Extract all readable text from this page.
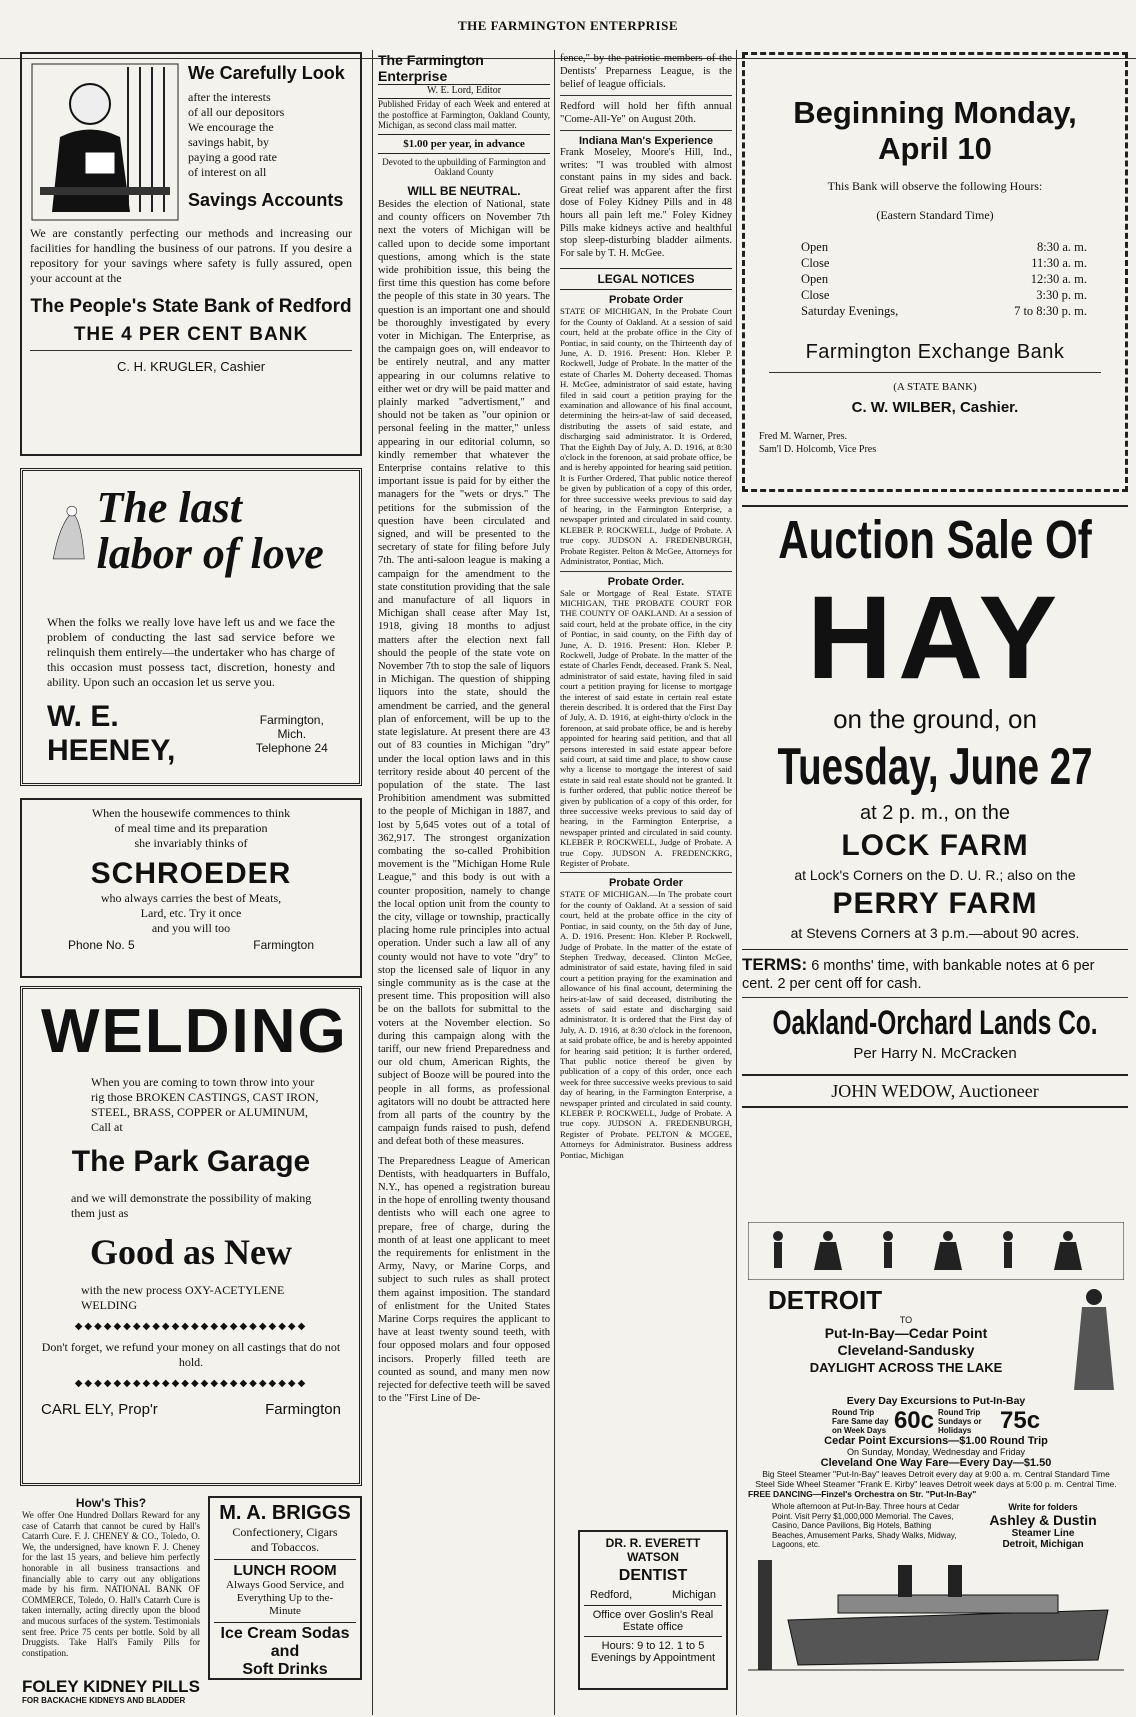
THE FARMINGTON ENTERPRISE
We Carefully Look
after the interests
of all our depositors
We encourage the
savings habit, by
paying a good rate
of interest on all
Savings Accounts

We are constantly perfecting our methods and increasing our facilities for handling the business of our patrons. If you desire a repository for your savings where safety is fully assured, open your account at the

The People's State Bank of Redford
THE 4 PER CENT BANK
C. H. KRUGLER, Cashier
The last labor of love

When the folks we really love have left us and we face the problem of conducting the last sad service before we relinquish them entirely—the undertaker who has charge of this occasion must possess tact, discretion, honesty and ability. Upon such an occasion let us serve you.

W. E. HEENEY,
Farmington, Mich.
Telephone 24
When the housewife commences to think
of meal time and its preparation
she invariably thinks of
SCHROEDER
who always carries the best of Meats,
Lard, etc. Try it once
and you will too
Phone No. 5	Farmington
WELDING

When you are coming to town throw into your rig those BROKEN CASTINGS, CAST IRON, STEEL, BRASS, COPPER or ALUMINUM, Call at

The Park Garage

and we will demonstrate the possibility of making them just as

Good as New

with the new process OXY-ACETYLENE WELDING

◆◆◆◆◆◆◆◆◆◆◆◆◆◆◆◆◆◆◆◆◆◆◆◆

Don't forget, we refund your money on all castings that do not hold.

◆◆◆◆◆◆◆◆◆◆◆◆◆◆◆◆◆◆◆◆◆◆◆◆
CARL ELY, Prop'r	Farmington
How's This?

We offer One Hundred Dollars Reward for any case of Catarrh that cannot be cured by Hall's Catarrh Cure. F. J. CHENEY & CO., Toledo, O. We, the undersigned, have known F. J. Cheney for the last 15 years, and believe him perfectly honorable in all business transactions and financially able to carry out any obligations made by his firm. NATIONAL BANK OF COMMERCE, Toledo, O. Hall's Catarrh Cure is taken internally, acting directly upon the blood and mucous surfaces of the system. Testimonials sent free. Price 75 cents per bottle. Sold by all Druggists. Take Hall's Family Pills for constipation.

M. A. BRIGGS
Confectionery, Cigars
and Tobaccos.
LUNCH ROOM
Always Good Service, and
Everything Up to the-
Minute
Ice Cream Sodas and
Soft Drinks
FOLEY KIDNEY PILLS
FOR BACKACHE KIDNEYS AND BLADDER
The Farmington Enterprise
W. E. Lord, Editor

Published Friday of each Week and entered at the postoffice at Farmington, Oakland County, Michigan, as second class mail matter.

$1.00 per year, in advance

Devoted to the upbuilding of Farmington and Oakland County

WILL BE NEUTRAL.

Besides the election of National, state and county officers on November 7th next the voters of Michigan will be called upon to decide some important questions, among which is the state wide prohibition issue, this being the first time this question has come before the people of this state in 30 years. The question is an important one and should be thoroughly investigated by every voter in Michigan. The Enterprise, as the campaign goes on, will endeavor to be entirely neutral, and any matter appearing in our columns relative to either wet or dry will be paid matter and plainly marked "advertisment," and should not be taken as "our opinion or personal feeling in the matter," unless appearing in our editorial column, so kindly remember that whatever the Enterprise contains relative to this important issue is paid for by either the managers for the "wets or drys." The petitions for the submission of the question have been circulated and signed, and will be presented to the secretary of state for filing before July 7th. The anti-saloon league is making a campaign for the amendment to the state constitution providing that the sale and manufacture of all liquors in Michigan shall cease after May 1st, 1918, giving 18 months to adjust matters after the election next fall should the people of the state vote on November 7th to stop the sale of liquors in Michigan. The question of shipping liquors into the state, should the amendment be carried, and the general plan of enforcement, will be up to the state legislature. At present there are 43 out of 83 counties in Michigan "dry" under the local option laws and in this territory reside about 40 percent of the population of the state. The last Prohibition amendment was submitted to the people of Michigan in 1887, and lost by 5,645 votes out of a total of 362,917. The strongest organization combating the so-called Prohibition movement is the "Michigan Home Rule League," and this body is out with a counter proposition, namely to change the local option unit from the county to the city, village or township, practically placing home rule principles into actual operation. Under such a law all of any county would not have to vote "dry" to stop the licensed sale of liquor in any single community as is the case at the present time. This proposition will also be on the ballots for submittal to the voters at the November election. So during this campaign along with the tariff, our new friend Preparedness and our old chum, American Rights, the subject of Booze will be poured into the people in all forms, as professional agitators will no doubt be attracted here from all parts of the country by the campaign funds raised to push, defend and defeat both of these measures.

The Preparedness League of American Dentists, with headquarters in Buffalo, N.Y., has opened a registration bureau in the hope of enrolling twenty thousand dentists who will each one agree to prepare, free of charge, during the month of at least one applicant to meet the requirements for enlistment in the Army, Navy, or Marine Corps, and subject to such rules as shall protect them against imposition. The standard of enlistment for the United States Marine Corps requires the applicant to have at least twenty sound teeth, with four opposed molars and four opposed incisors. Properly filled teeth are counted as sound, and many men now rejected for defective teeth will be saved to the "First Line of De-

fence," by the patriotic members of the Dentists' Preparness League, is the belief of league officials.

Redford will hold her fifth annual "Come-All-Ye" on August 20th.

Indiana Man's Experience

Frank Moseley, Moore's Hill, Ind., writes: "I was troubled with almost constant pains in my sides and back. Great relief was apparent after the first dose of Foley Kidney Pills and in 48 hours all pain left me." Foley Kidney Pills make kidneys active and healthful stop sleep-disturbing bladder ailments. For sale by T. H. McGee.

LEGAL NOTICES
Probate Order

STATE OF MICHIGAN, In the Probate Court for the County of Oakland. At a session of said court, held at the probate office in the City of Pontiac, in said county, on the Thirteenth day of June, A. D. 1916. Present: Hon. Kleber P. Rockwell, Judge of Probate. In the matter of the estate of Charles M. Doherty deceased. Thomas H. McGee, administrator of said estate, having filed in said court a petition praying for the examination and allowance of his final account, determining the heirs-at-law of said deceased, distributing the assets of said estate, and discharging said administrator. It is Ordered, That the Eighth Day of July, A. D. 1916, at 8:30 o'clock in the forenoon, at said probate office, be and is hereby appointed for hearing said petition. It is Further Ordered, That public notice thereof be given by publication of a copy of this order, for three successive weeks previous to said day of hearing, in the Farmington Enterprise, a newspaper printed and circulated in said county. KLEBER P. ROCKWELL, Judge of Probate. A true copy. JUDSON A. FREDENBURGH, Probate Register. Pelton & McGee, Attorneys for Administrator, Pontiac, Mich.

Probate Order.

Sale or Mortgage of Real Estate. STATE MICHIGAN, THE PROBATE COURT FOR THE COUNTY OF OAKLAND. At a session of said court, held at the probate office, in the city of Pontiac, in said county, on the Fifth day of June, A. D. 1916. Present: Hon. Kleber P. Rockwell, Judge of Probate. In the matter of the estate of Charles Fendt, deceased. Frank S. Neal, administrator of said estate, having filed in said court a petition praying for license to mortgage the interest of said estate in certain real estate therein described. It is ordered that the First Day of July, A. D. 1916, at eight-thirty o'clock in the forenoon, at said probate office, be and is hereby appointed for hearing said petition, and that all persons interested in said estate appear before said court, at said time and place, to show cause why a license to mortgage the interest of said estate in said real estate should not be granted. It is further ordered, that public notice thereof be given by publication of a copy of this order, for three successive weeks previous to said day of hearing, in the Farmington Enterprise, a newspaper printed and circulated in said county. KLEBER P. ROCKWELL, Judge of Probate. A true Copy. JUDSON A. FREDENCKRG, Register of Probate.

Probate Order

STATE OF MICHIGAN.—In The probate court for the county of Oakland. At a session of said court, held at the probate office in the city of Pontiac, in said county, on the 5th day of June, A. D. 1916. Present: Hon. Kleber P. Rockwell, Judge of Probate. In the matter of the estate of Stephen Tredway, deceased. Clinton McGee, administrator of said estate, having filed in said court a petition praying for the examination and allowance of his final account, determining the heirs-at-law of said deceased, distributing the assets of said estate and discharging said administrator. It is ordered that the First day of July, A. D. 1916, at 8:30 o'clock in the forenoon, at said probate office, be and is hereby appointed for hearing said petition; It is further ordered, That public notice thereof be given by publication of a copy of this order, once each week for three successive weeks previous to said day of hearing, in the Farmington Enterprise, a newspaper printed and circulated in said county. KLEBER P. ROCKWELL, Judge of Probate. A true copy. JUDSON A. FREDENBURGH, Register of Probate. PELTON & MCGEE, Attorneys for Administrator. Business address Pontiac, Michigan

DR. R. EVERETT WATSON
DENTIST
Redford,	Michigan
Office over Goslin's Real Estate office
Hours: 9 to 12. 1 to 5
Evenings by Appointment
Beginning Monday, April 10
This Bank will observe the following Hours:
(Eastern Standard Time)
Open	8:30 a. m.
Close	11:30 a. m.
Open	12:30 a. m.
Close	3:30 p. m.
Saturday Evenings,	7 to 8:30 p. m.
Farmington Exchange Bank
(A STATE BANK)
C. W. WILBER, Cashier.
Fred M. Warner, Pres.
Sam'l D. Holcomb, Vice Pres
Auction Sale Of
HAY
on the ground, on
Tuesday, June 27
at 2 p. m., on the
LOCK FARM
at Lock's Corners on the D. U. R.; also on the
PERRY FARM
at Stevens Corners at 3 p.m.—about 90 acres.
TERMS: 6 months' time, with bankable notes at 6 per cent. 2 per cent off for cash.
Oakland-Orchard Lands Co.
Per Harry N. McCracken
JOHN WEDOW, Auctioneer
DETROIT
TO
Put-In-Bay—Cedar Point
Cleveland-Sandusky
DAYLIGHT ACROSS THE LAKE
Every Day Excursions to Put-In-Bay
Round Trip Fare Same day on Week Days 60c Round Trip Sundays or Holidays	75c
Cedar Point Excursions—$1.00 Round Trip
On Sunday, Monday, Wednesday and Friday
Cleveland One Way Fare—Every Day—$1.50
Big Steel Steamer "Put-In-Bay" leaves Detroit every day at 9:00 a. m. Central Standard Time
Steel Side Wheel Steamer "Frank E. Kirby" leaves Detroit week days at 5:00 p. m. Central Time.
FREE DANCING—Finzel's Orchestra on Str. "Put-In-Bay"
Whole afternoon at Put-In-Bay. Three hours at Cedar Point. Visit Perry $1,000,000 Memorial. The Caves, Casino, Dance Pavilions, Big Hotels, Bathing Beaches, Amusement Parks, Shady Walks, Midway, Lagoons, etc.
Write for folders
Ashley & Dustin
Steamer Line
Detroit, Michigan
